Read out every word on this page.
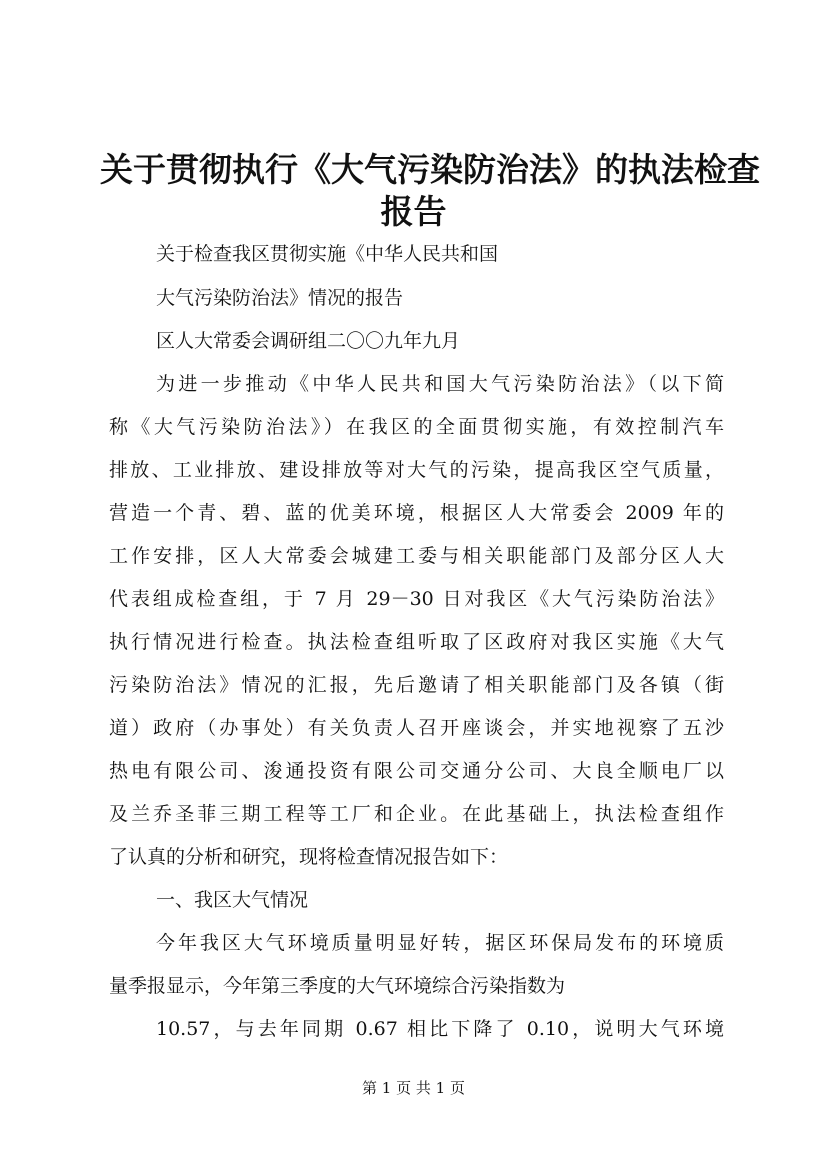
关于贯彻执行《大气污染防治法》的执法检查
报告
关于检查我区贯彻实施《中华人民共和国
大气污染防治法》情况的报告
区人大常委会调研组二〇〇九年九月
为进一步推动《中华人民共和国大气污染防治法》（以下简
称《大气污染防治法》）在我区的全面贯彻实施，有效控制汽车
排放、工业排放、建设排放等对大气的污染，提高我区空气质量，
营造一个青、碧、蓝的优美环境，根据区人大常委会 2009 年的
工作安排，区人大常委会城建工委与相关职能部门及部分区人大
代表组成检查组，于 7 月 29－30 日对我区《大气污染防治法》
执行情况进行检查。执法检查组听取了区政府对我区实施《大气
污染防治法》情况的汇报，先后邀请了相关职能部门及各镇（街
道）政府（办事处）有关负责人召开座谈会，并实地视察了五沙
热电有限公司、浚通投资有限公司交通分公司、大良全顺电厂以
及兰乔圣菲三期工程等工厂和企业。在此基础上，执法检查组作
了认真的分析和研究，现将检查情况报告如下：
一、我区大气情况
今年我区大气环境质量明显好转，据区环保局发布的环境质
量季报显示，今年第三季度的大气环境综合污染指数为
10.57，与去年同期 0.67 相比下降了 0.10，说明大气环境
第 1 页 共 1 页
